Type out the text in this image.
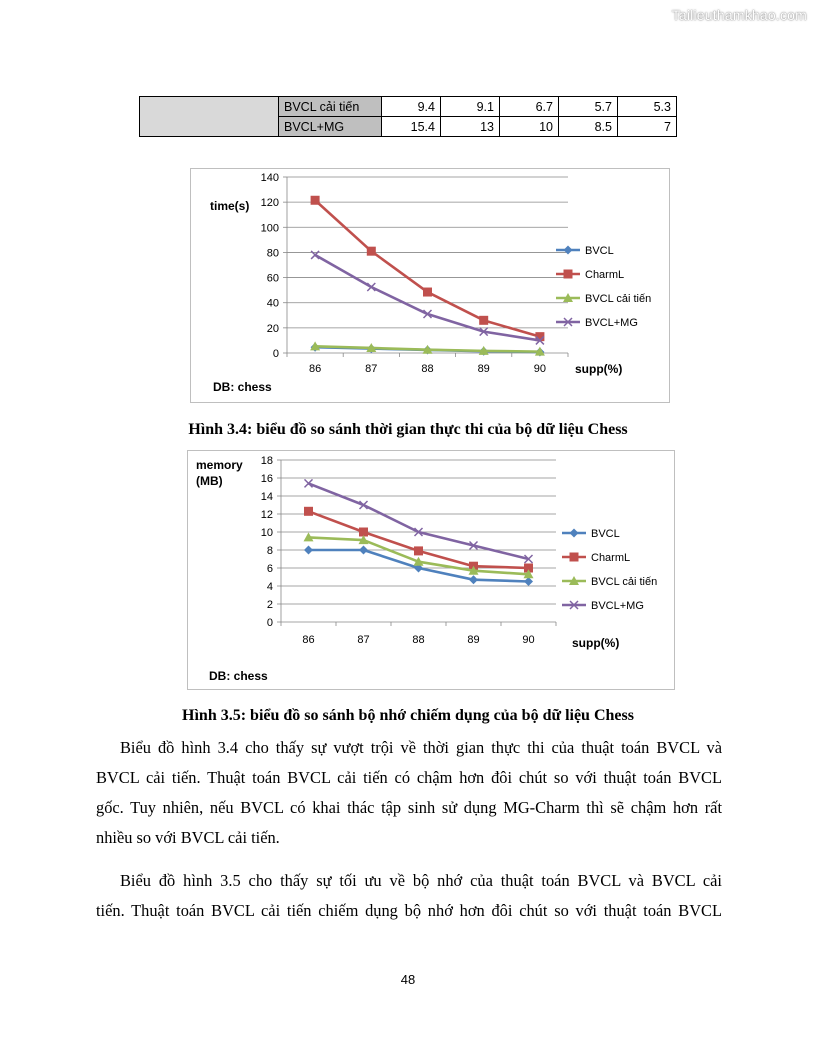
Tailieuthamkhao.com
	BVCL cải tiến	9.4	9.1	6.7	5.7	5.3
	BVCL+MG	15.4	13	10	8.5	7
0
20
40
60
80
100
120
140
86	87	88	89	90
BVCL
CharmL
BVCL cải tiến
BVCL+MG
time(s)
supp(%)
DB: chess
Hình 3.4: biểu đồ so sánh thời gian thực thi của bộ dữ liệu Chess
0
2
4
6
8
10
12
14
16
18
86	87	88	89	90
BVCL
CharmL
BVCL cải tiến
BVCL+MG
memory
(MB)
supp(%)
DB: chess
Hình 3.5: biểu đồ so sánh bộ nhớ chiếm dụng của bộ dữ liệu Chess

Biểu đồ hình 3.4 cho thấy sự vượt trội về thời gian thực thi của thuật toán BVCL và
BVCL cải tiến. Thuật toán BVCL cải tiến có chậm hơn đôi chút so với thuật toán BVCL
gốc. Tuy nhiên, nếu BVCL có khai thác tập sinh sử dụng MG-Charm thì sẽ chậm hơn rất
nhiều so với BVCL cải tiến.

Biểu đồ hình 3.5 cho thấy sự tối ưu về bộ nhớ của thuật toán BVCL và BVCL cải
tiến. Thuật toán BVCL cải tiến chiếm dụng bộ nhớ hơn đôi chút so với thuật toán BVCL

48
